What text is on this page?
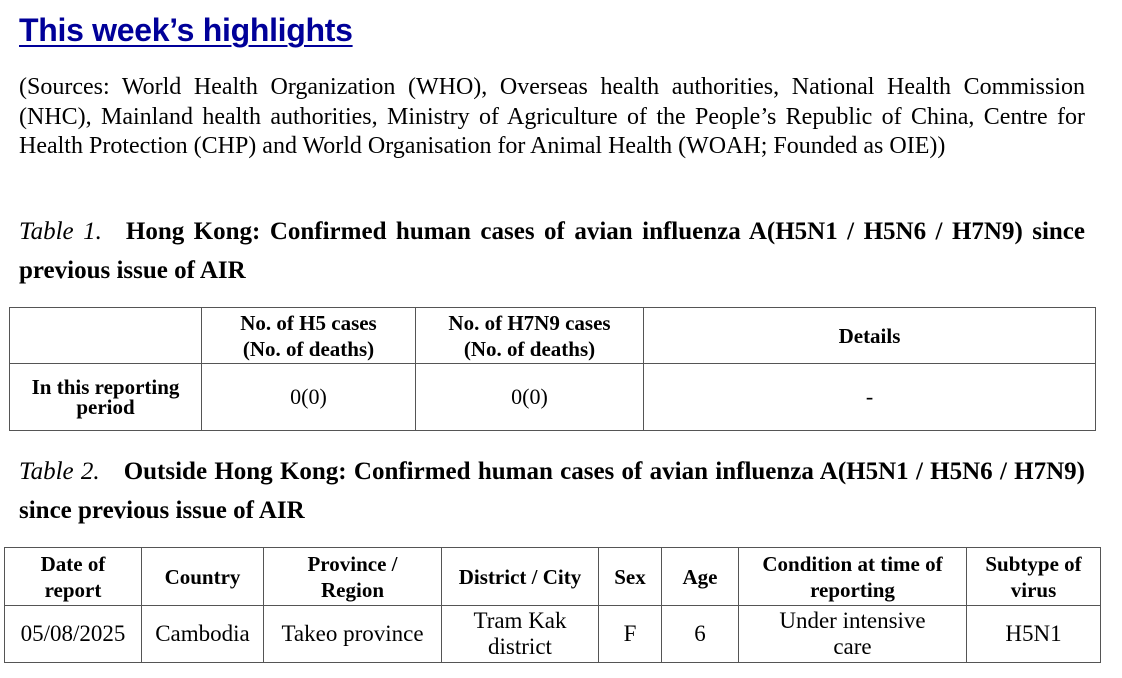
This week’s highlights

(Sources: World Health Organization (WHO), Overseas health authorities, National Health Commission (NHC), Mainland health authorities, Ministry of Agriculture of the People’s Republic of China, Centre for Health Protection (CHP) and World Organisation for Animal Health (WOAH; Founded as OIE))

Table 1. Hong Kong: Confirmed human cases of avian influenza A(H5N1 / H5N6 / H7N9) since previous issue of AIR

	No. of H5 cases
(No. of deaths)	No. of H7N9 cases
(No. of deaths)	Details
In this reporting
period	0(0)	0(0)	-

Table 2. Outside Hong Kong: Confirmed human cases of avian influenza A(H5N1 / H5N6 / H7N9) since previous issue of AIR

Date of
report	Country	Province /
Region	District / City	Sex	Age	Condition at time of
reporting	Subtype of
virus
05/08/2025	Cambodia	Takeo province	Tram Kak
district	F	6	Under intensive
care	H5N1
